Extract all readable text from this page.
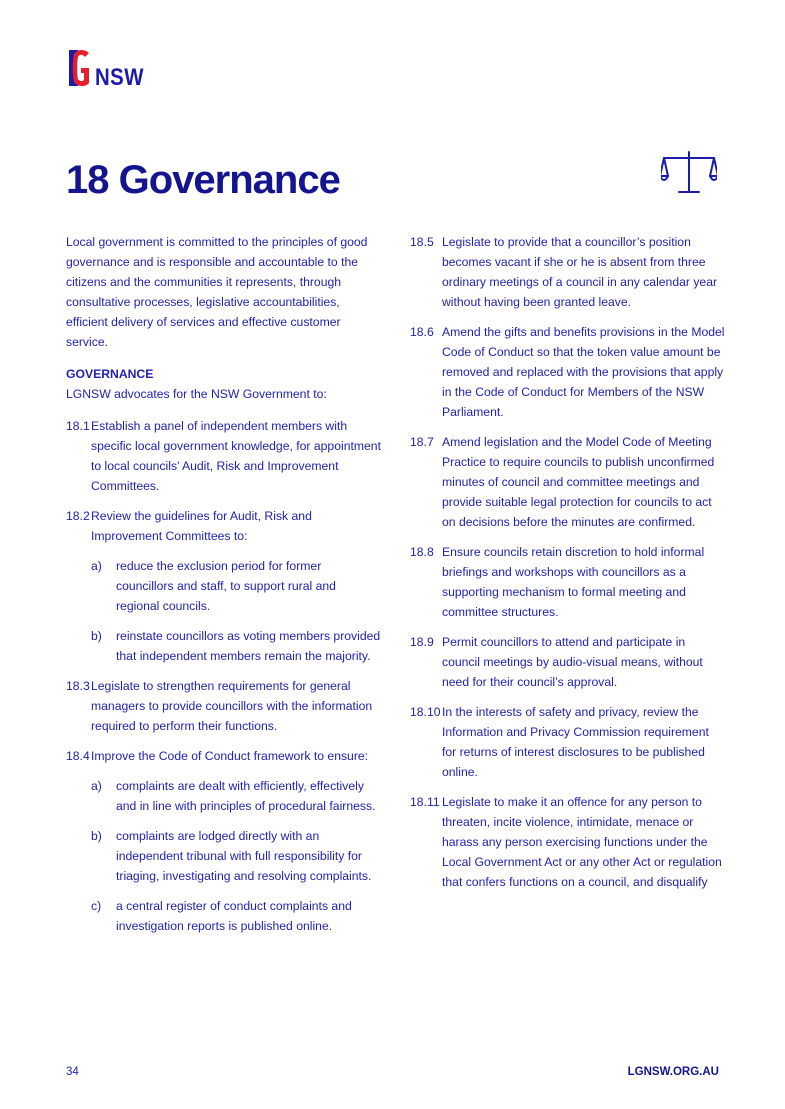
NSW
18 Governance

Local government is committed to the principles of good governance and is responsible and accountable to the citizens and the communities it represents, through consultative processes, legislative accountabilities, efficient delivery of services and effective customer service.

GOVERNANCE

LGNSW advocates for the NSW Government to:

18.1 Establish a panel of independent members with specific local government knowledge, for appointment to local councils’ Audit, Risk and Improvement Committees.
18.2 Review the guidelines for Audit, Risk and Improvement Committees to:
a)	reduce the exclusion period for former councillors and staff, to support rural and regional councils.
b)	reinstate councillors as voting members provided that independent members remain the majority.
18.3 Legislate to strengthen requirements for general managers to provide councillors with the information required to perform their functions.
18.4 Improve the Code of Conduct framework to ensure:
a)	complaints are dealt with efficiently, effectively and in line with principles of procedural fairness.
b)	complaints are lodged directly with an independent tribunal with full responsibility for triaging, investigating and resolving complaints.
c)	a central register of conduct complaints and investigation reports is published online.
18.5 Legislate to provide that a councillor’s position becomes vacant if she or he is absent from three ordinary meetings of a council in any calendar year without having been granted leave.
18.6 Amend the gifts and benefits provisions in the Model Code of Conduct so that the token value amount be removed and replaced with the provisions that apply in the Code of Conduct for Members of the NSW Parliament.
18.7 Amend legislation and the Model Code of Meeting Practice to require councils to publish unconfirmed minutes of council and committee meetings and provide suitable legal protection for councils to act on decisions before the minutes are confirmed.
18.8 Ensure councils retain discretion to hold informal briefings and workshops with councillors as a supporting mechanism to formal meeting and committee structures.
18.9 Permit councillors to attend and participate in council meetings by audio-visual means, without need for their council’s approval.
18.10 In the interests of safety and privacy, review the Information and Privacy Commission requirement for returns of interest disclosures to be published online.
18.11 Legislate to make it an offence for any person to threaten, incite violence, intimidate, menace or harass any person exercising functions under the Local Government Act or any other Act or regulation that confers functions on a council, and disqualify
34	LGNSW.ORG.AU
